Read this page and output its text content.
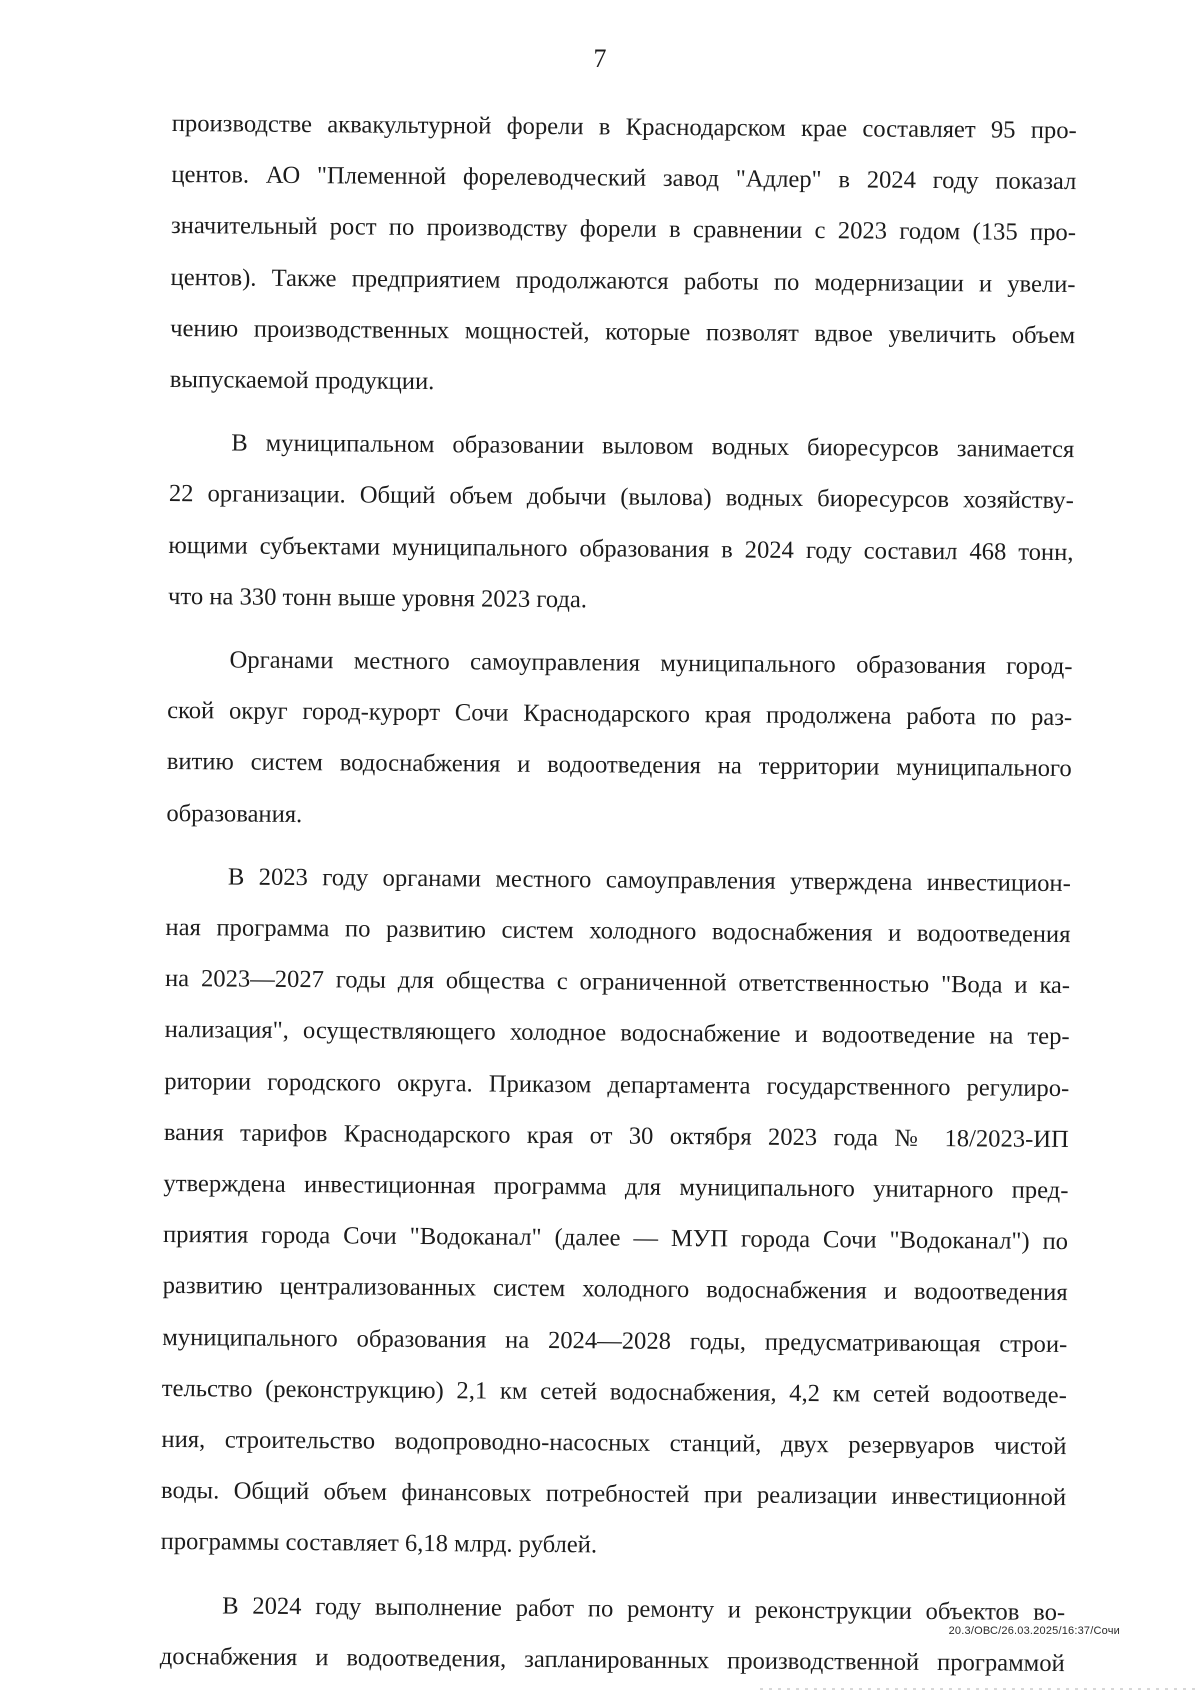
7

производстве аквакультурной форели в Краснодарском крае составляет 95 про-
центов. АО "Племенной форелеводческий завод "Адлер" в 2024 году показал
значительный рост по производству форели в сравнении с 2023 годом (135 про-
центов). Также предприятием продолжаются работы по модернизации и увели-
чению производственных мощностей, которые позволят вдвое увеличить объем
выпускаемой продукции.

В муниципальном образовании выловом водных биоресурсов занимается
22 организации. Общий объем добычи (вылова) водных биоресурсов хозяйству-
ющими субъектами муниципального образования в 2024 году составил 468 тонн,
что на 330 тонн выше уровня 2023 года.

Органами местного самоуправления муниципального образования город-
ской округ город-курорт Сочи Краснодарского края продолжена работа по раз-
витию систем водоснабжения и водоотведения на территории муниципального
образования.

В 2023 году органами местного самоуправления утверждена инвестицион-
ная программа по развитию систем холодного водоснабжения и водоотведения
на 2023—2027 годы для общества с ограниченной ответственностью "Вода и ка-
нализация", осуществляющего холодное водоснабжение и водоотведение на тер-
ритории городского округа. Приказом департамента государственного регулиро-
вания тарифов Краснодарского края от 30 октября 2023 года № 18/2023-ИП
утверждена инвестиционная программа для муниципального унитарного пред-
приятия города Сочи "Водоканал" (далее — МУП города Сочи "Водоканал") по
развитию централизованных систем холодного водоснабжения и водоотведения
муниципального образования на 2024—2028 годы, предусматривающая строи-
тельство (реконструкцию) 2,1 км сетей водоснабжения, 4,2 км сетей водоотведе-
ния, строительство водопроводно-насосных станций, двух резервуаров чистой
воды. Общий объем финансовых потребностей при реализации инвестиционной
программы составляет 6,18 млрд. рублей.

В 2024 году выполнение работ по ремонту и реконструкции объектов во-
доснабжения и водоотведения, запланированных производственной программой

20.3/ОВС/26.03.2025/16:37/Сочи
